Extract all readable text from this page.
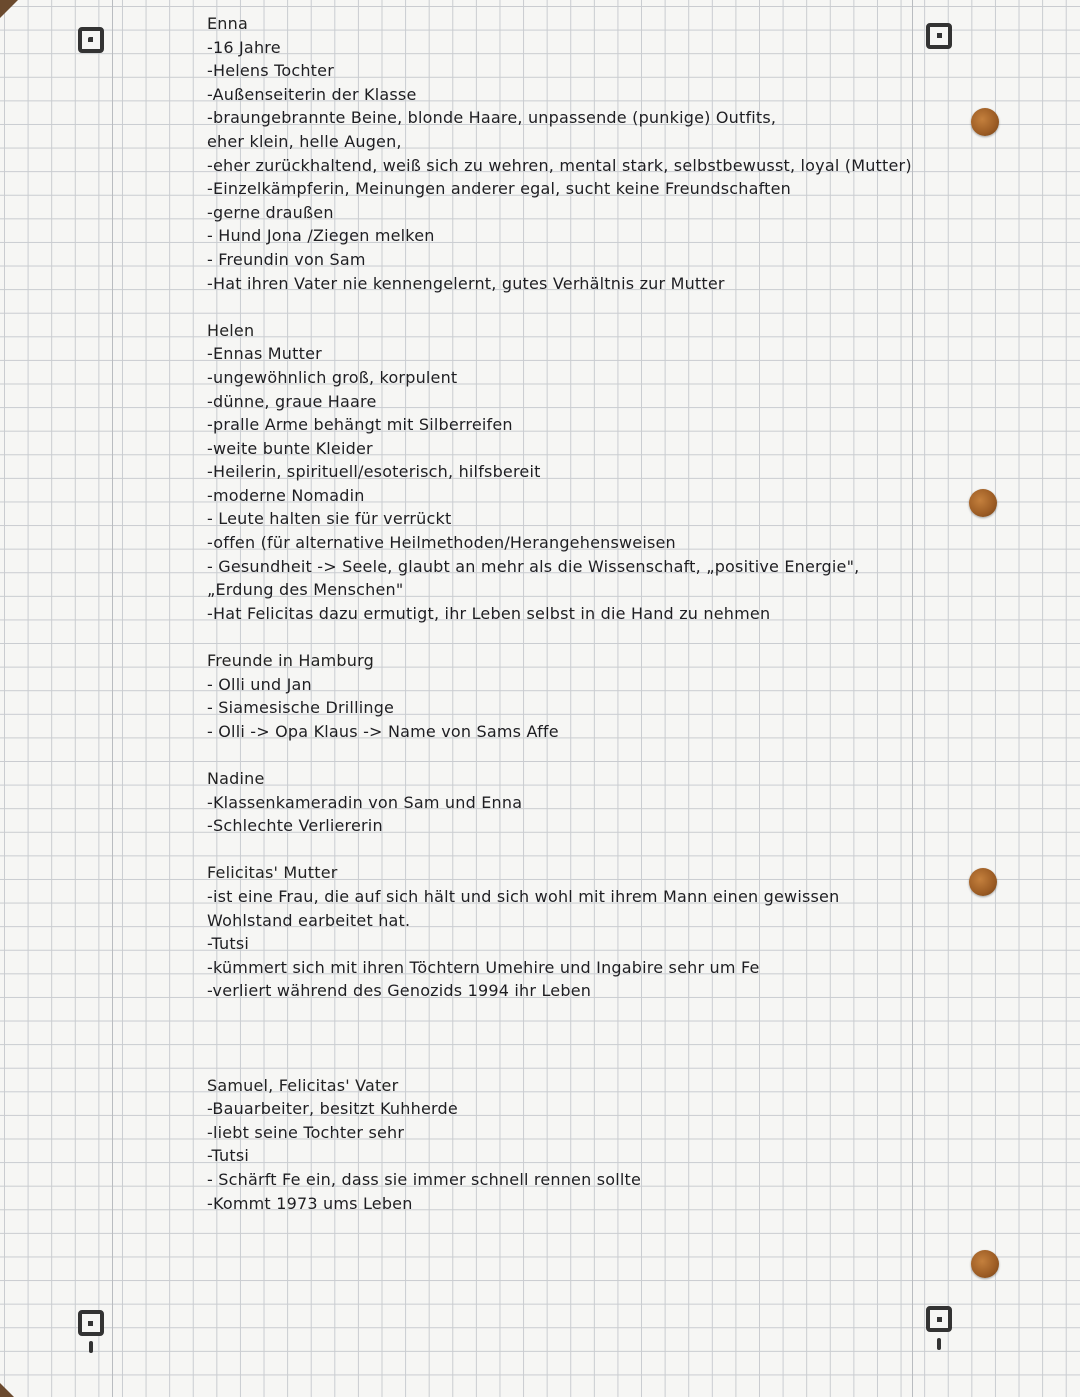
Enna
-16 Jahre
-Helens Tochter
-Außenseiterin der Klasse
-braungebrannte Beine, blonde Haare, unpassende (punkige) Outfits,
eher klein, helle Augen,
-eher zurückhaltend, weiß sich zu wehren, mental stark, selbstbewusst, loyal (Mutter)
-Einzelkämpferin, Meinungen anderer egal, sucht keine Freundschaften
-gerne draußen
- Hund Jona /Ziegen melken
- Freundin von Sam
-Hat ihren Vater nie kennengelernt, gutes Verhältnis zur Mutter
Helen
-Ennas Mutter
-ungewöhnlich groß, korpulent
-dünne, graue Haare
-pralle Arme behängt mit Silberreifen
-weite bunte Kleider
-Heilerin, spirituell/esoterisch, hilfsbereit
-moderne Nomadin
- Leute halten sie für verrückt
-offen (für alternative Heilmethoden/Herangehensweisen
- Gesundheit -> Seele, glaubt an mehr als die Wissenschaft, „positive Energie",
„Erdung des Menschen"
-Hat Felicitas dazu ermutigt, ihr Leben selbst in die Hand zu nehmen
Freunde in Hamburg
- Olli und Jan
- Siamesische Drillinge
- Olli -> Opa Klaus -> Name von Sams Affe
Nadine
-Klassenkameradin von Sam und Enna
-Schlechte Verliererin
Felicitas' Mutter
-ist eine Frau, die auf sich hält und sich wohl mit ihrem Mann einen gewissen
Wohlstand earbeitet hat.
-Tutsi
-kümmert sich mit ihren Töchtern Umehire und Ingabire sehr um Fe
-verliert während des Genozids 1994 ihr Leben
Samuel, Felicitas' Vater
-Bauarbeiter, besitzt Kuhherde
-liebt seine Tochter sehr
-Tutsi
- Schärft Fe ein, dass sie immer schnell rennen sollte
-Kommt 1973 ums Leben
